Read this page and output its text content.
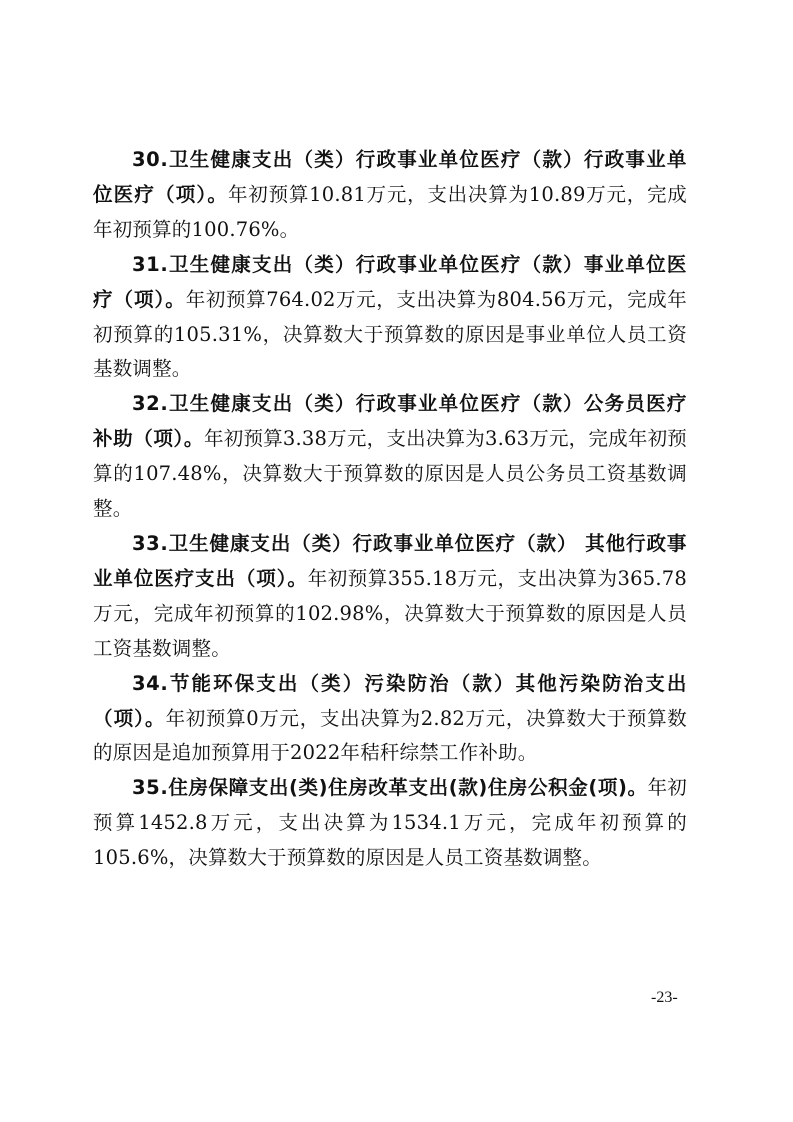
30.卫生健康支出（类）行政事业单位医疗（款）行政事业单位医疗（项）。年初预算10.81万元，支出决算为10.89万元，完成年初预算的100.76%。

31.卫生健康支出（类）行政事业单位医疗（款）事业单位医疗（项）。年初预算764.02万元，支出决算为804.56万元，完成年初预算的105.31%，决算数大于预算数的原因是事业单位人员工资基数调整。

32.卫生健康支出（类）行政事业单位医疗（款）公务员医疗补助（项）。年初预算3.38万元，支出决算为3.63万元，完成年初预算的107.48%，决算数大于预算数的原因是人员公务员工资基数调整。

33.卫生健康支出（类）行政事业单位医疗（款） 其他行政事业单位医疗支出（项）。年初预算355.18万元，支出决算为365.78万元，完成年初预算的102.98%，决算数大于预算数的原因是人员工资基数调整。

34.节能环保支出（类）污染防治（款）其他污染防治支出（项）。年初预算0万元，支出决算为2.82万元，决算数大于预算数的原因是追加预算用于2022年秸秆综禁工作补助。

35.住房保障支出(类)住房改革支出(款)住房公积金(项)。年初预算1452.8万元，支出决算为1534.1万元，完成年初预算的105.6%，决算数大于预算数的原因是人员工资基数调整。

-23-
